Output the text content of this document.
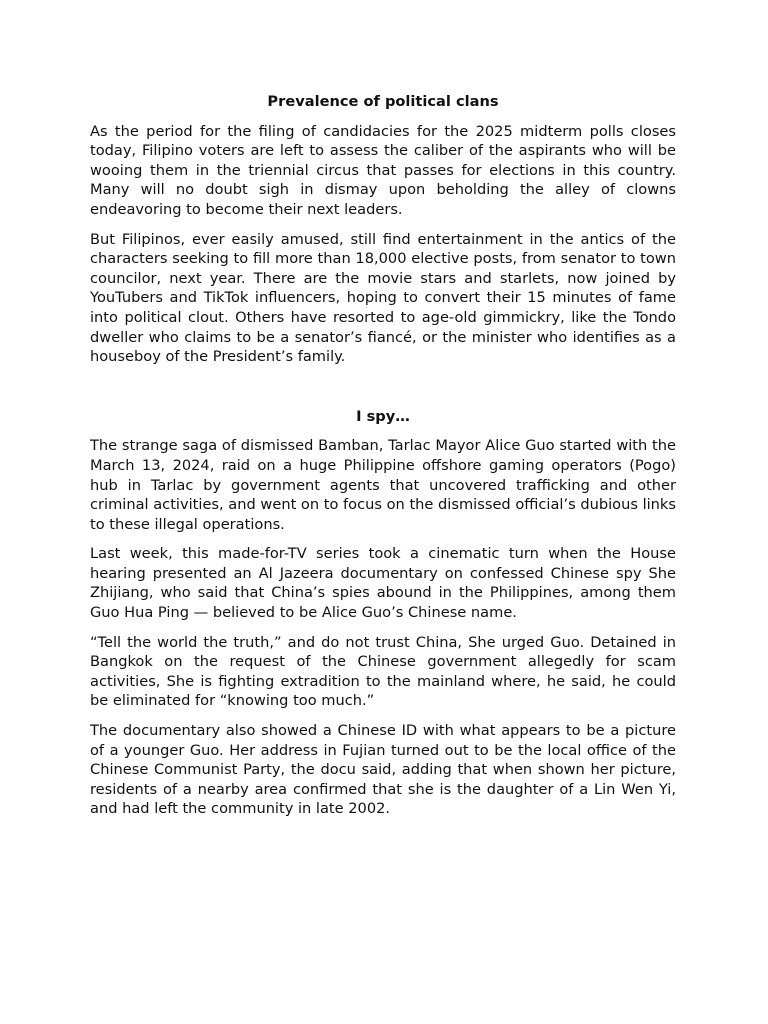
Prevalence of political clans

As the period for the filing of candidacies for the 2025 midterm polls closes today, Filipino voters are left to assess the caliber of the aspirants who will be wooing them in the triennial circus that passes for elections in this country. Many will no doubt sigh in dismay upon beholding the alley of clowns endeavoring to become their next leaders.

But Filipinos, ever easily amused, still find entertainment in the antics of the characters seeking to fill more than 18,000 elective posts, from senator to town councilor, next year. There are the movie stars and starlets, now joined by YouTubers and TikTok influencers, hoping to convert their 15 minutes of fame into political clout. Others have resorted to age-old gimmickry, like the Tondo dweller who claims to be a senator’s fiancé, or the minister who identifies as a houseboy of the President’s family.

I spy…

The strange saga of dismissed Bamban, Tarlac Mayor Alice Guo started with the March 13, 2024, raid on a huge Philippine offshore gaming operators (Pogo) hub in Tarlac by government agents that uncovered trafficking and other criminal activities, and went on to focus on the dismissed official’s dubious links to these illegal operations.

Last week, this made-for-TV series took a cinematic turn when the House hearing presented an Al Jazeera documentary on confessed Chinese spy She Zhijiang, who said that China’s spies abound in the Philippines, among them Guo Hua Ping — believed to be Alice Guo’s Chinese name.

“Tell the world the truth,” and do not trust China, She urged Guo. Detained in Bangkok on the request of the Chinese government allegedly for scam activities, She is fighting extradition to the mainland where, he said, he could be eliminated for “knowing too much.”

The documentary also showed a Chinese ID with what appears to be a picture of a younger Guo. Her address in Fujian turned out to be the local office of the Chinese Communist Party, the docu said, adding that when shown her picture, residents of a nearby area confirmed that she is the daughter of a Lin Wen Yi, and had left the community in late 2002.
